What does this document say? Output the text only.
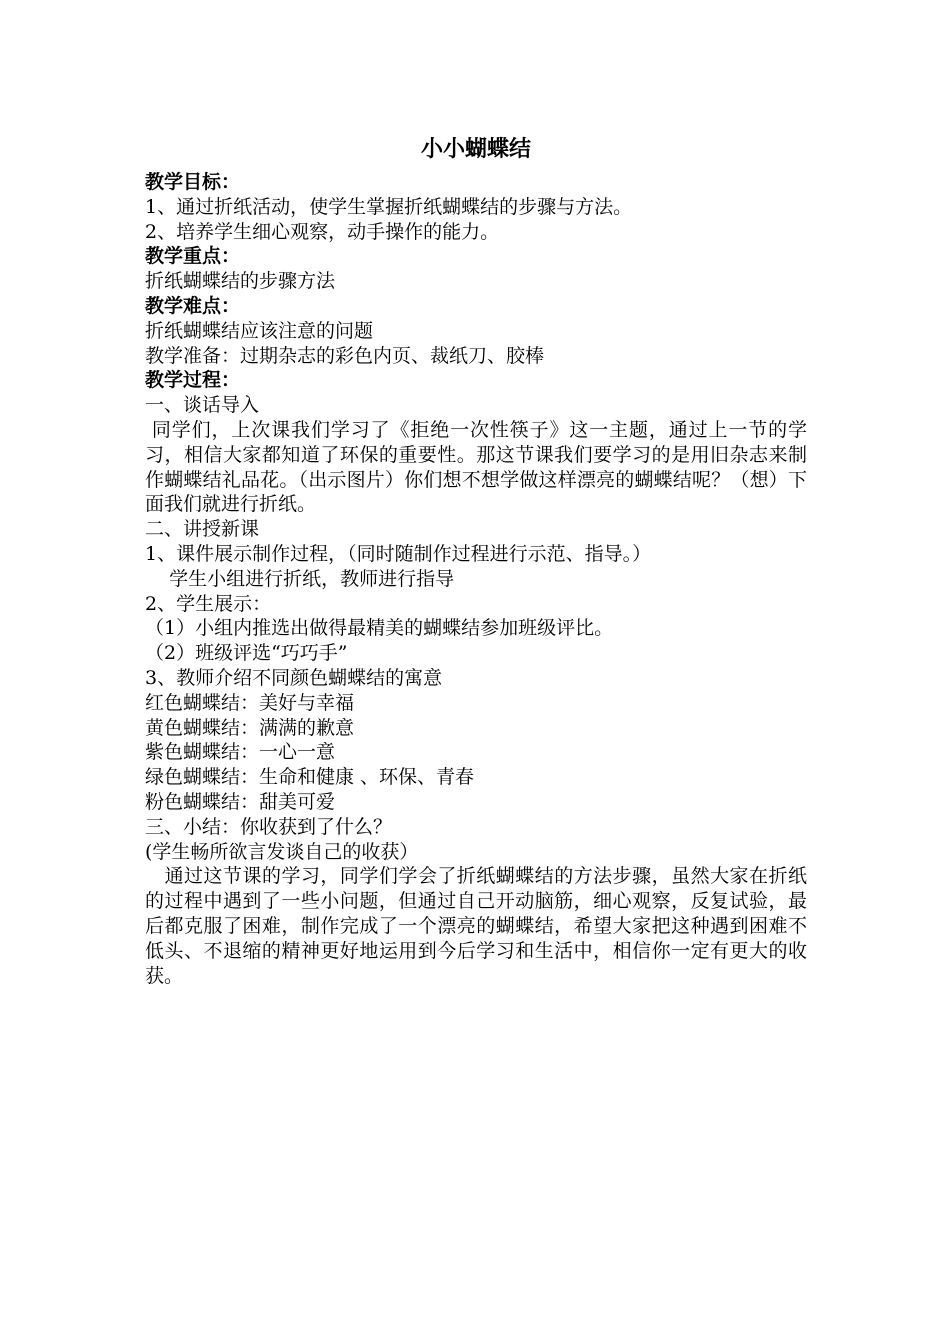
小小蝴蝶结

教学目标：

1、通过折纸活动，使学生掌握折纸蝴蝶结的步骤与方法。

2、培养学生细心观察，动手操作的能力。

教学重点：

折纸蝴蝶结的步骤方法

教学难点：

折纸蝴蝶结应该注意的问题

教学准备：过期杂志的彩色内页、裁纸刀、胶棒

教学过程：

一、谈话导入

同学们，上次课我们学习了《拒绝一次性筷子》这一主题，通过上一节的学习，相信大家都知道了环保的重要性。那这节课我们要学习的是用旧杂志来制作蝴蝶结礼品花。（出示图片）你们想不想学做这样漂亮的蝴蝶结呢？（想）下面我们就进行折纸。

二、讲授新课

1、课件展示制作过程，（同时随制作过程进行示范、指导。）

学生小组进行折纸，教师进行指导

2、学生展示：

（1）小组内推选出做得最精美的蝴蝶结参加班级评比。

（2）班级评选“巧巧手”

3、教师介绍不同颜色蝴蝶结的寓意

红色蝴蝶结：美好与幸福

黄色蝴蝶结：满满的歉意

紫色蝴蝶结：一心一意

绿色蝴蝶结：生命和健康 、环保、青春

粉色蝴蝶结：甜美可爱

三、小结：你收获到了什么？

(学生畅所欲言发谈自己的收获）

通过这节课的学习，同学们学会了折纸蝴蝶结的方法步骤，虽然大家在折纸的过程中遇到了一些小问题，但通过自己开动脑筋，细心观察，反复试验，最后都克服了困难，制作完成了一个漂亮的蝴蝶结，希望大家把这种遇到困难不低头、不退缩的精神更好地运用到今后学习和生活中，相信你一定有更大的收获。
